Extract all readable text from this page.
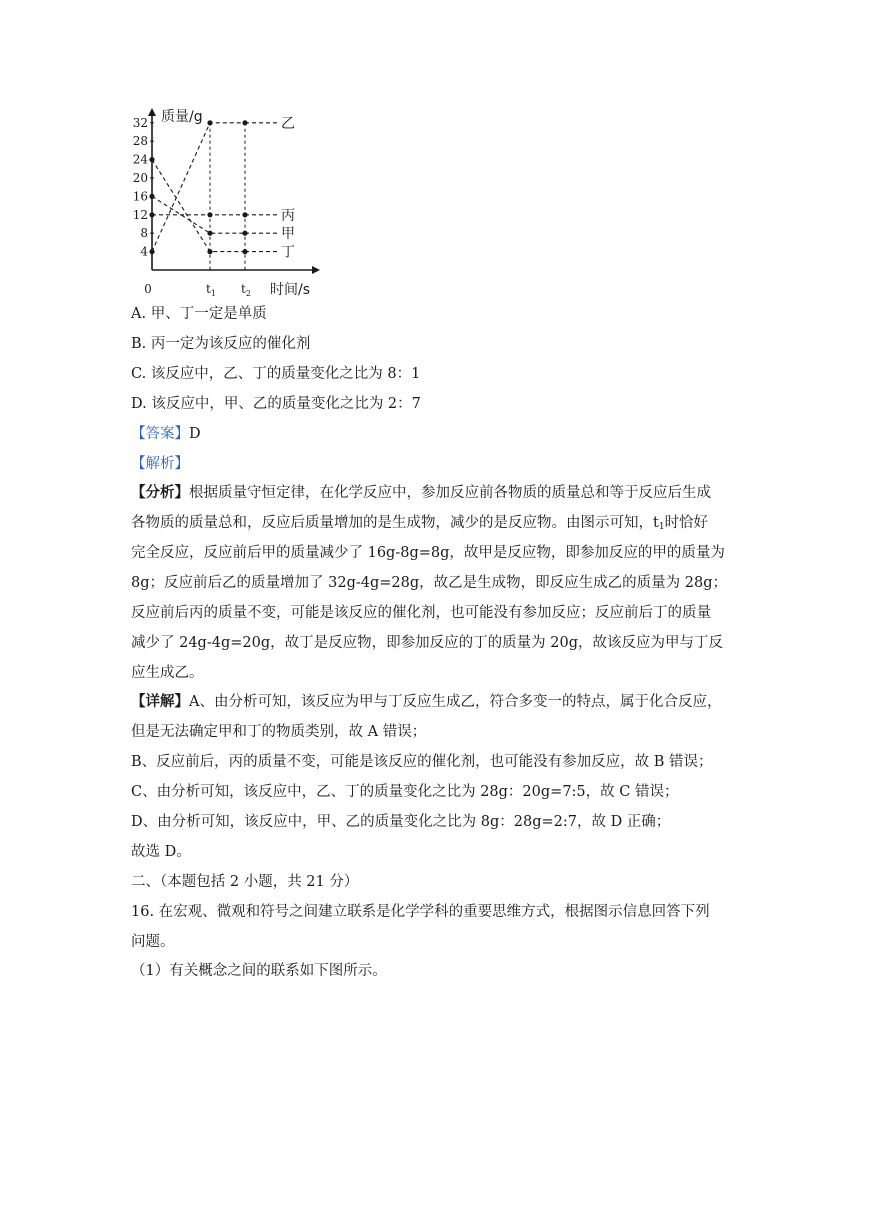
质量/g
时间/s
0
4
8
12
16
20
24
28
32
$t_1$ $t_2$
乙
丙
甲
丁
A. 甲、丁一定是单质
B. 丙一定为该反应的催化剂
C. 该反应中，乙、丁的质量变化之比为 8：1
D. 该反应中，甲、乙的质量变化之比为 2：7
【答案】D
【解析】
【分析】根据质量守恒定律，在化学反应中，参加反应前各物质的质量总和等于反应后生成
各物质的质量总和，反应后质量增加的是生成物，减少的是反应物。由图示可知，$t_1$时恰好
完全反应，反应前后甲的质量减少了 16g-8g=8g，故甲是反应物，即参加反应的甲的质量为
8g；反应前后乙的质量增加了 32g-4g=28g，故乙是生成物，即反应生成乙的质量为 28g；
反应前后丙的质量不变，可能是该反应的催化剂，也可能没有参加反应；反应前后丁的质量
减少了 24g-4g=20g，故丁是反应物，即参加反应的丁的质量为 20g，故该反应为甲与丁反
应生成乙。
【详解】A、由分析可知，该反应为甲与丁反应生成乙，符合多变一的特点，属于化合反应，
但是无法确定甲和丁的物质类别，故 A 错误；
B、反应前后，丙的质量不变，可能是该反应的催化剂，也可能没有参加反应，故 B 错误；
C、由分析可知，该反应中，乙、丁的质量变化之比为 28g：20g=7:5，故 C 错误；
D、由分析可知，该反应中，甲、乙的质量变化之比为 8g：28g=2:7，故 D 正确；
故选 D。
二、（本题包括 2 小题，共 21 分）
16. 在宏观、微观和符号之间建立联系是化学学科的重要思维方式，根据图示信息回答下列
问题。
（1）有关概念之间的联系如下图所示。
